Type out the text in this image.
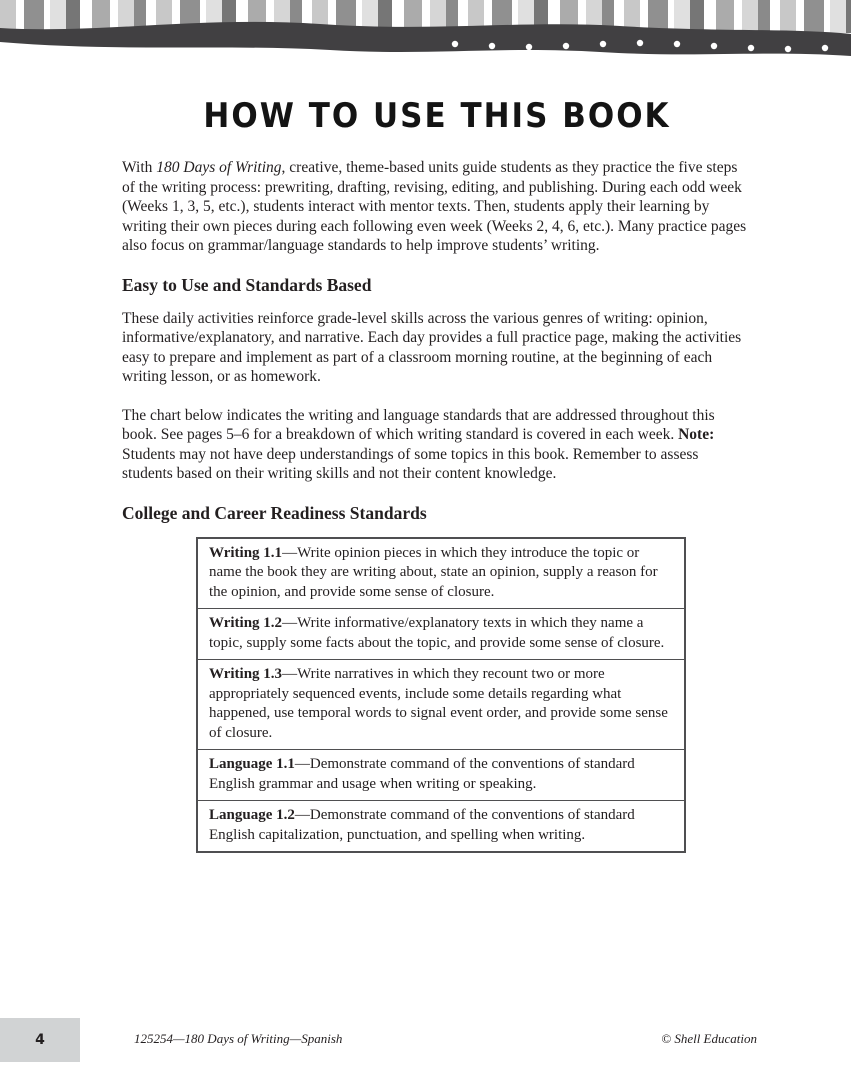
HOW TO USE THIS BOOK

With 180 Days of Writing, creative, theme-based units guide students as they practice the five steps of the writing process: prewriting, drafting, revising, editing, and publishing. During each odd week (Weeks 1, 3, 5, etc.), students interact with mentor texts. Then, students apply their learning by writing their own pieces during each following even week (Weeks 2, 4, 6, etc.). Many practice pages also focus on grammar/language standards to help improve students’ writing.

Easy to Use and Standards Based

These daily activities reinforce grade-level skills across the various genres of writing: opinion, informative/explanatory, and narrative. Each day provides a full practice page, making the activities easy to prepare and implement as part of a classroom morning routine, at the beginning of each writing lesson, or as homework.

The chart below indicates the writing and language standards that are addressed throughout this book. See pages 5–6 for a breakdown of which writing standard is covered in each week. Note: Students may not have deep understandings of some topics in this book. Remember to assess students based on their writing skills and not their content knowledge.

College and Career Readiness Standards
Writing 1.1—Write opinion pieces in which they introduce the topic or name the book they are writing about, state an opinion, supply a reason for the opinion, and provide some sense of closure.
Writing 1.2—Write informative/explanatory texts in which they name a topic, supply some facts about the topic, and provide some sense of closure.
Writing 1.3—Write narratives in which they recount two or more appropriately sequenced events, include some details regarding what happened, use temporal words to signal event order, and provide some sense of closure.
Language 1.1—Demonstrate command of the conventions of standard English grammar and usage when writing or speaking.
Language 1.2—Demonstrate command of the conventions of standard English capitalization, punctuation, and spelling when writing.
4	125254—180 Days of Writing—Spanish	© Shell Education
